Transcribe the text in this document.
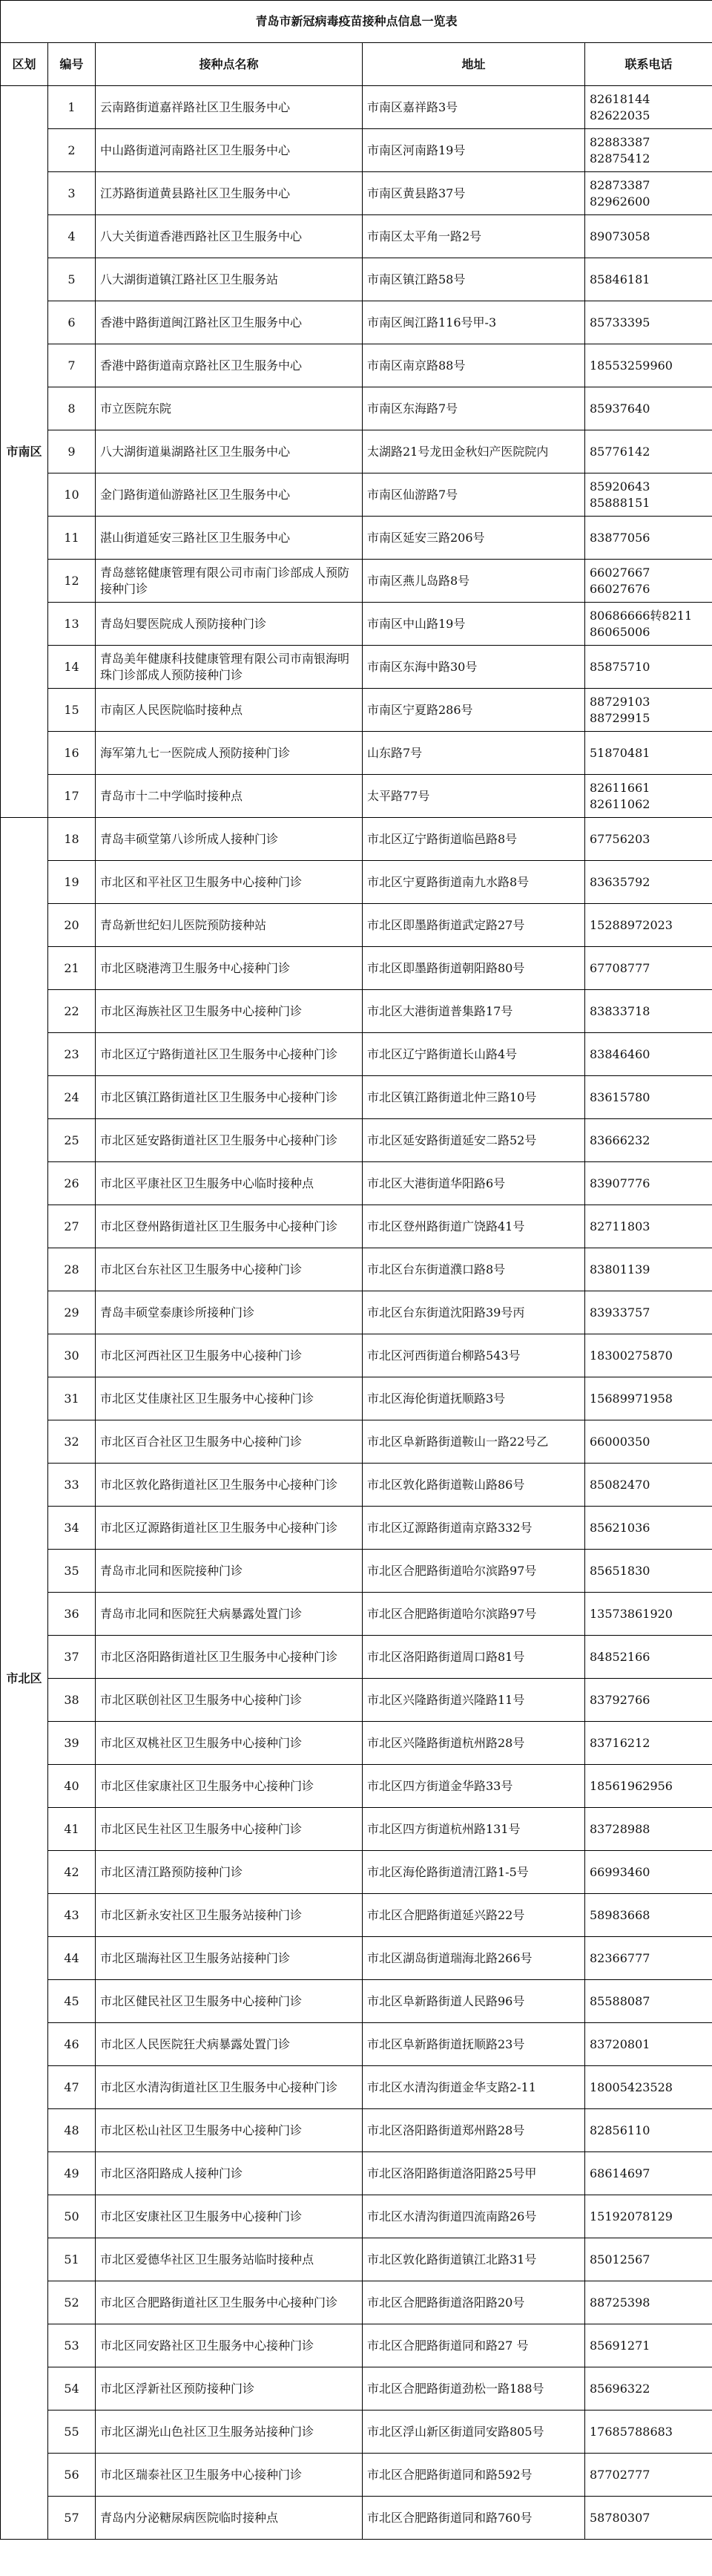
青岛市新冠病毒疫苗接种点信息一览表				
区划	编号	接种点名称	地址	联系电话
市南区	1	云南路街道嘉祥路社区卫生服务中心	市南区嘉祥路3号	82618144
82622035

	2	中山路街道河南路社区卫生服务中心	市南区河南路19号	82883387
82875412

	3	江苏路街道黄县路社区卫生服务中心	市南区黄县路37号	82873387
82962600

	4	八大关街道香港西路社区卫生服务中心	市南区太平角一路2号	89073058

	5	八大湖街道镇江路社区卫生服务站	市南区镇江路58号	85846181

	6	香港中路街道闽江路社区卫生服务中心	市南区闽江路116号甲-3	85733395

	7	香港中路街道南京路社区卫生服务中心	市南区南京路88号	18553259960

	8	市立医院东院	市南区东海路7号	85937640

	9	八大湖街道巢湖路社区卫生服务中心	太湖路21号龙田金秋妇产医院院内	85776142

	10	金门路街道仙游路社区卫生服务中心	市南区仙游路7号	85920643
85888151

	11	湛山街道延安三路社区卫生服务中心	市南区延安三路206号	83877056

	12	青岛慈铭健康管理有限公司市南门诊部成人预防接种门诊	市南区燕儿岛路8号	66027667
66027676

	13	青岛妇婴医院成人预防接种门诊	市南区中山路19号	80686666转8211
86065006

	14	青岛美年健康科技健康管理有限公司市南银海明珠门诊部成人预防接种门诊	市南区东海中路30号	85875710

	15	市南区人民医院临时接种点	市南区宁夏路286号	88729103
88729915

	16	海军第九七一医院成人预防接种门诊	山东路7号	51870481

	17	青岛市十二中学临时接种点	太平路77号	82611661
82611062

市北区	18	青岛丰硕堂第八诊所成人接种门诊	市北区辽宁路街道临邑路8号	67756203

	19	市北区和平社区卫生服务中心接种门诊	市北区宁夏路街道南九水路8号	83635792

	20	青岛新世纪妇儿医院预防接种站	市北区即墨路街道武定路27号	15288972023

	21	市北区晓港湾卫生服务中心接种门诊	市北区即墨路街道朝阳路80号	67708777

	22	市北区海族社区卫生服务中心接种门诊	市北区大港街道普集路17号	83833718

	23	市北区辽宁路街道社区卫生服务中心接种门诊	市北区辽宁路街道长山路4号	83846460

	24	市北区镇江路街道社区卫生服务中心接种门诊	市北区镇江路街道北仲三路10号	83615780

	25	市北区延安路街道社区卫生服务中心接种门诊	市北区延安路街道延安二路52号	83666232

	26	市北区平康社区卫生服务中心临时接种点	市北区大港街道华阳路6号	83907776

	27	市北区登州路街道社区卫生服务中心接种门诊	市北区登州路街道广饶路41号	82711803

	28	市北区台东社区卫生服务中心接种门诊	市北区台东街道濮口路8号	83801139

	29	青岛丰硕堂泰康诊所接种门诊	市北区台东街道沈阳路39号丙	83933757

	30	市北区河西社区卫生服务中心接种门诊	市北区河西街道台柳路543号	18300275870

	31	市北区艾佳康社区卫生服务中心接种门诊	市北区海伦街道抚顺路3号	15689971958

	32	市北区百合社区卫生服务中心接种门诊	市北区阜新路街道鞍山一路22号乙	66000350

	33	市北区敦化路街道社区卫生服务中心接种门诊	市北区敦化路街道鞍山路86号	85082470

	34	市北区辽源路街道社区卫生服务中心接种门诊	市北区辽源路街道南京路332号	85621036

	35	青岛市北同和医院接种门诊	市北区合肥路街道哈尔滨路97号	85651830

	36	青岛市北同和医院狂犬病暴露处置门诊	市北区合肥路街道哈尔滨路97号	13573861920

	37	市北区洛阳路街道社区卫生服务中心接种门诊	市北区洛阳路街道周口路81号	84852166

	38	市北区联创社区卫生服务中心接种门诊	市北区兴隆路街道兴隆路11号	83792766

	39	市北区双桃社区卫生服务中心接种门诊	市北区兴隆路街道杭州路28号	83716212

	40	市北区佳家康社区卫生服务中心接种门诊	市北区四方街道金华路33号	18561962956

	41	市北区民生社区卫生服务中心接种门诊	市北区四方街道杭州路131号	83728988

	42	市北区清江路预防接种门诊	市北区海伦路街道清江路1-5号	66993460

	43	市北区新永安社区卫生服务站接种门诊	市北区合肥路街道延兴路22号	58983668

	44	市北区瑞海社区卫生服务站接种门诊	市北区湖岛街道瑞海北路266号	82366777

	45	市北区健民社区卫生服务中心接种门诊	市北区阜新路街道人民路96号	85588087

	46	市北区人民医院狂犬病暴露处置门诊	市北区阜新路街道抚顺路23号	83720801

	47	市北区水清沟街道社区卫生服务中心接种门诊	市北区水清沟街道金华支路2-11	18005423528

	48	市北区松山社区卫生服务中心接种门诊	市北区洛阳路街道郑州路28号	82856110

	49	市北区洛阳路成人接种门诊	市北区洛阳路街道洛阳路25号甲	68614697

	50	市北区安康社区卫生服务中心接种门诊	市北区水清沟街道四流南路26号	15192078129

	51	市北区爱德华社区卫生服务站临时接种点	市北区敦化路街道镇江北路31号	85012567

	52	市北区合肥路街道社区卫生服务中心接种门诊	市北区合肥路街道洛阳路20号	88725398

	53	市北区同安路社区卫生服务中心接种门诊	市北区合肥路街道同和路27 号	85691271

	54	市北区浮新社区预防接种门诊	市北区合肥路街道劲松一路188号	85696322

	55	市北区湖光山色社区卫生服务站接种门诊	市北区浮山新区街道同安路805号	17685788683

	56	市北区瑞泰社区卫生服务中心接种门诊	市北区合肥路街道同和路592号	87702777

	57	青岛内分泌糖尿病医院临时接种点	市北区合肥路街道同和路760号	58780307
